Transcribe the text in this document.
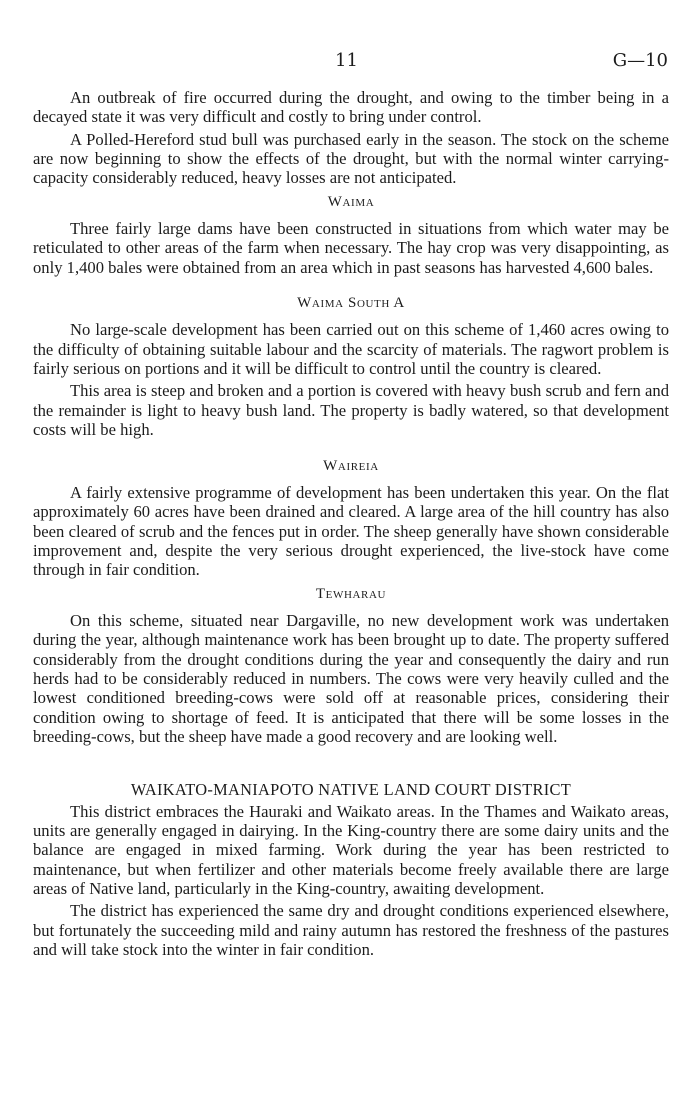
11	G—10

An outbreak of fire occurred during the drought, and owing to the timber being in a decayed state it was very difficult and costly to bring under control.

A Polled-Hereford stud bull was purchased early in the season. The stock on the scheme are now beginning to show the effects of the drought, but with the normal winter carrying-capacity considerably reduced, heavy losses are not anticipated.

Waima

Three fairly large dams have been constructed in situations from which water may be reticulated to other areas of the farm when necessary. The hay crop was very disappointing, as only 1,400 bales were obtained from an area which in past seasons has harvested 4,600 bales.

Waima South A

No large-scale development has been carried out on this scheme of 1,460 acres owing to the difficulty of obtaining suitable labour and the scarcity of materials. The ragwort problem is fairly serious on portions and it will be difficult to control until the country is cleared.

This area is steep and broken and a portion is covered with heavy bush scrub and fern and the remainder is light to heavy bush land. The property is badly watered, so that development costs will be high.

Waireia

A fairly extensive programme of development has been undertaken this year. On the flat approximately 60 acres have been drained and cleared. A large area of the hill country has also been cleared of scrub and the fences put in order. The sheep generally have shown considerable improvement and, despite the very serious drought experienced, the live-stock have come through in fair condition.

Tewharau

On this scheme, situated near Dargaville, no new development work was undertaken during the year, although maintenance work has been brought up to date. The property suffered considerably from the drought conditions during the year and consequently the dairy and run herds had to be considerably reduced in numbers. The cows were very heavily culled and the lowest conditioned breeding-cows were sold off at reasonable prices, considering their condition owing to shortage of feed. It is anticipated that there will be some losses in the breeding-cows, but the sheep have made a good recovery and are looking well.

WAIKATO-MANIAPOTO NATIVE LAND COURT DISTRICT

This district embraces the Hauraki and Waikato areas. In the Thames and Waikato areas, units are generally engaged in dairying. In the King-country there are some dairy units and the balance are engaged in mixed farming. Work during the year has been restricted to maintenance, but when fertilizer and other materials become freely available there are large areas of Native land, particularly in the King-country, awaiting development.

The district has experienced the same dry and drought conditions experienced elsewhere, but fortunately the succeeding mild and rainy autumn has restored the freshness of the pastures and will take stock into the winter in fair condition.
